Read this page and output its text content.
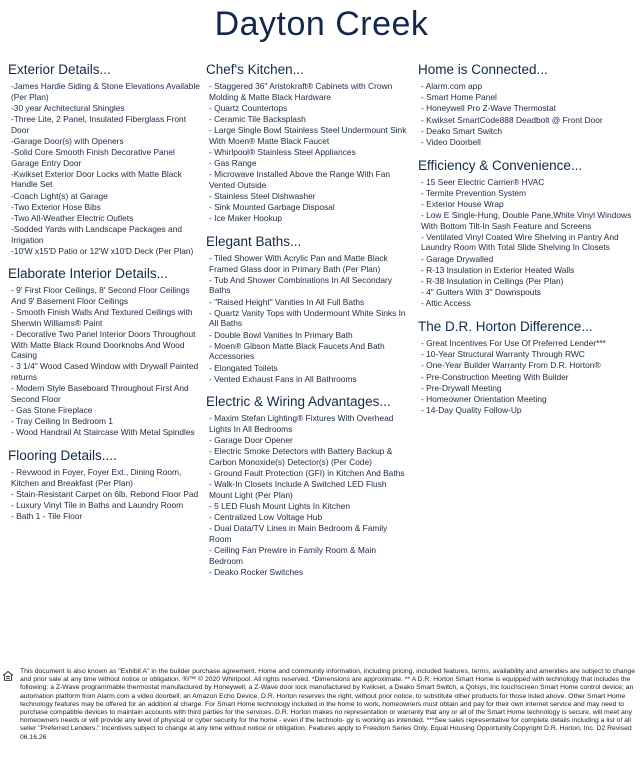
Dayton Creek
Exterior Details...
-James Hardie Siding & Stone Elevations Available (Per Plan)
-30 year Architectural Shingles
-Three Lite, 2 Panel, Insulated Fiberglass Front Door
-Garage Door(s) with Openers
-Solid Core Smooth Finish Decorative Panel Garage Entry Door
-Kwikset Exterior Door Locks with Matte Black Handle Set
-Coach Light(s) at Garage
-Two Exterior Hose Bibs
-Two All-Weather Electric Outlets
-Sodded Yards with Landscape Packages and Irrigation
-10'W x15'D Patio or 12'W x10'D Deck (Per Plan)
Elaborate Interior Details...
- 9' First Floor Ceilings, 8' Second Floor Ceilings And 9' Basement Floor Ceilings
- Smooth Finish Walls And Textured Ceilings with Sherwin Williams® Paint
- Decorative Two Panel Interior Doors Throughout With Matte Black Round Doorknobs And Wood Casing
- 3 1/4" Wood Cased Window with Drywall Painted returns
- Modern Style Baseboard Throughout First And Second Floor
- Gas Stone Fireplace
- Tray Ceiling In Bedroom 1
- Wood Handrail At Staircase With Metal Spindles
Flooring Details....
- Revwood in Foyer, Foyer Ext., Dining Room, Kitchen and Breakfast (Per Plan)
- Stain-Resistant Carpet on 6lb. Rebond Floor Pad
- Luxury Vinyl Tile in Baths and Laundry Room
- Bath 1 - Tile Floor
Chef's Kitchen...
- Staggered 36" Aristokraft® Cabinets with Crown Molding & Matte Black Hardware
- Quartz Countertops
- Ceramic Tile Backsplash
- Large Single Bowl Stainless Steel Undermount Sink With Moen® Matte Black Faucet
- Whirlpool® Stainless Steel Appliances
- Gas Range
- Microwave Installed Above the Range With Fan Vented Outside
- Stainless Steel Dishwasher
- Sink Mounted Garbage Disposal
- Ice Maker Hookup
Elegant Baths...
- Tiled Shower With Acrylic Pan and Matte Black Framed Glass door in Primary Bath (Per Plan)
- Tub And Shower Combinations In All Secondary Baths
- "Raised Height" Vanities In All Full Baths
- Quartz Vanity Tops with Undermount White Sinks In All Baths
- Double Bowl Vanities In Primary Bath
- Moen® Gibson Matte Black Faucets And Bath Accessories
- Elongated Toilets
- Vented Exhaust Fans in All Bathrooms
Electric & Wiring Advantages...
- Maxim Stefan Lighting® Fixtures With Overhead Lights In All Bedrooms
- Garage Door Opener
- Electric Smoke Detectors with Battery Backup & Carbon Monoxide(s) Detector(s) (Per Code)
- Ground Fault Protection (GFI) in Kitchen And Baths
- Walk-In Closets Include A Switched LED Flush Mount Light (Per Plan)
- 5 LED Flush Mount Lights In Kitchen
- Centralized Low Voltage Hub
- Dual Data/TV Lines in Main Bedroom & Family Room
- Ceiling Fan Prewire in Family Room & Main Bedroom
- Deako Rocker Switches
Home is Connected...
- Alarm.com app
- Smart Home Panel
- Honeywell Pro Z-Wave Thermostat
- Kwikset SmartCode888 Deadbolt @ Front Door
- Deako Smart Switch
- Video Doorbell
Efficiency & Convenience...
- 15 Seer Electric Carrier® HVAC
- Termite Prevention System
- Exterior House Wrap
- Low E Single-Hung, Double Pane,White Vinyl Windows With Bottom Tilt-In Sash Feature and Screens
- Ventilated Vinyl Coated Wire Shelving in Pantry And Laundry Room With Total Slide Shelving In Closets
- Garage Drywalled
- R-13 Insulation in Exterior Heated Walls
- R-38 Insulation in Ceilings (Per Plan)
- 4" Gutters With 3" Downspouts
- Attic Access
The D.R. Horton Difference...
- Great Incentives For Use Of Preferred Lender***
- 10-Year Structural Warranty Through RWC
- One-Year Builder Warranty From D.R. Horton®
- Pre-Construction Meeting With Builder
- Pre-Drywall Meeting
- Homeowner Orientation Meeting
- 14-Day Quality Follow-Up
This document is also known as "Exhibit A" in the builder purchase agreement. Home and community information, including pricing, included features, terms, availability and amenities are subject to change and prior sale at any time without notice or obligation. ®/™ © 2020 Whirlpool. All rights reserved. *Dimensions are approximate. ** A D.R. Horton Smart Home is equipped with technology that includes the following: a Z-Wave programmable thermostat manufactured by Honeywell; a Z-Wave door lock manufactured by Kwikset, a Deako Smart Switch, a Qolsys, Inc touchscreen Smart Home control device; an automation platform from Alarm.com a video doorbell; an Amazon Echo Device. D.R. Horton reserves the right, without prior notice, to substitute other products for those listed above. Other Smart Home technology features may be offered for an addition al charge. For Smart Home technology included in the home to work, homeowners must obtain and pay for their own internet service and may need to purchase compatible devices to maintain accounts with third parties for the services. D.R. Horton makes no representation or warranty that any or all of the Smart Home technology is secure, will meet any homeowners needs or will provide any level of physical or cyber security for the home - even if the technolo- gy is working as intended. ***See sales representative for complete details including a list of all seller "Preferred Lenders." Incentives subject to change at any time without notice or obligation. Features apply to Freedom Series Only. Equal Housing Opportunity.Copyright D.R. Horton, Inc. D2 Revised 06.16.26
